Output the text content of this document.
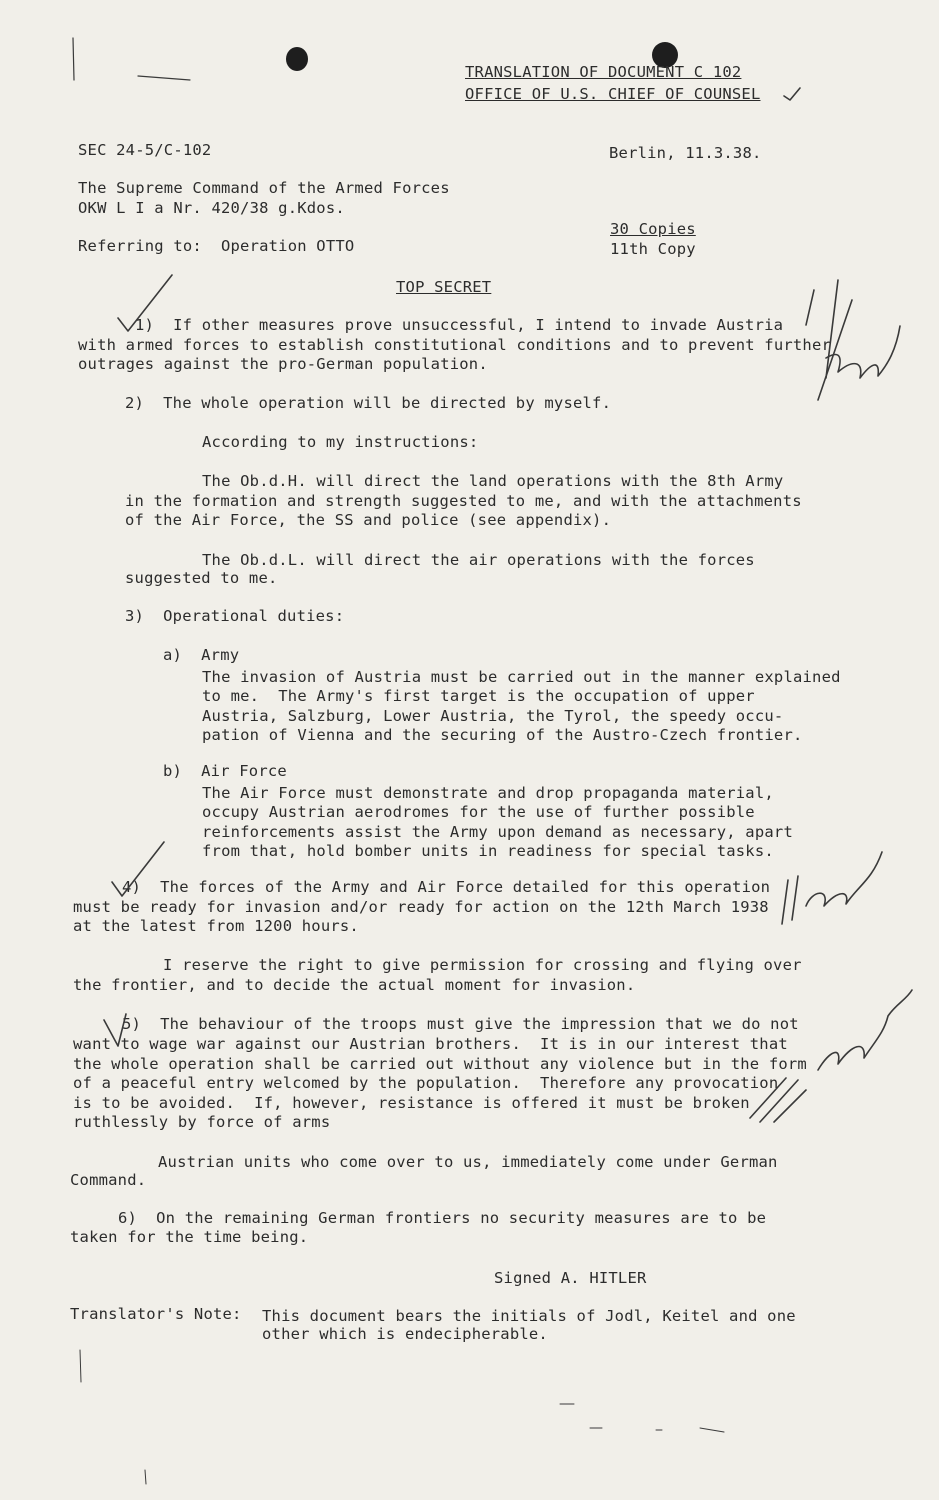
TRANSLATION OF DOCUMENT C 102
OFFICE OF U.S. CHIEF OF COUNSEL
SEC 24-5/C-102	Berlin, 11.3.38.
The Supreme Command of the Armed Forces
OKW L I a Nr. 420/38 g.Kdos.
30 Copies
11th Copy
Referring to:  Operation OTTO
TOP SECRET
1)  If other measures prove unsuccessful, I intend to invade Austria
with armed forces to establish constitutional conditions and to prevent further
outrages against the pro-German population.
2)  The whole operation will be directed by myself.
According to my instructions:
The Ob.d.H. will direct the land operations with the 8th Army
in the formation and strength suggested to me, and with the attachments
of the Air Force, the SS and police (see appendix).
The Ob.d.L. will direct the air operations with the forces
suggested to me.
3)  Operational duties:
a)  Army
The invasion of Austria must be carried out in the manner explained
to me.  The Army's first target is the occupation of upper
Austria, Salzburg, Lower Austria, the Tyrol, the speedy occu-
pation of Vienna and the securing of the Austro-Czech frontier.
b)  Air Force
The Air Force must demonstrate and drop propaganda material,
occupy Austrian aerodromes for the use of further possible
reinforcements assist the Army upon demand as necessary, apart
from that, hold bomber units in readiness for special tasks.
4)  The forces of the Army and Air Force detailed for this operation
must be ready for invasion and/or ready for action on the 12th March 1938
at the latest from 1200 hours.
I reserve the right to give permission for crossing and flying over
the frontier, and to decide the actual moment for invasion.
5)  The behaviour of the troops must give the impression that we do not
want to wage war against our Austrian brothers.  It is in our interest that
the whole operation shall be carried out without any violence but in the form
of a peaceful entry welcomed by the population.  Therefore any provocation
is to be avoided.  If, however, resistance is offered it must be broken
ruthlessly by force of arms
Austrian units who come over to us, immediately come under German
Command.
6)  On the remaining German frontiers no security measures are to be
taken for the time being.
Signed A. HITLER
Translator's Note: This document bears the initials of Jodl, Keitel and one
other which is endecipherable.
